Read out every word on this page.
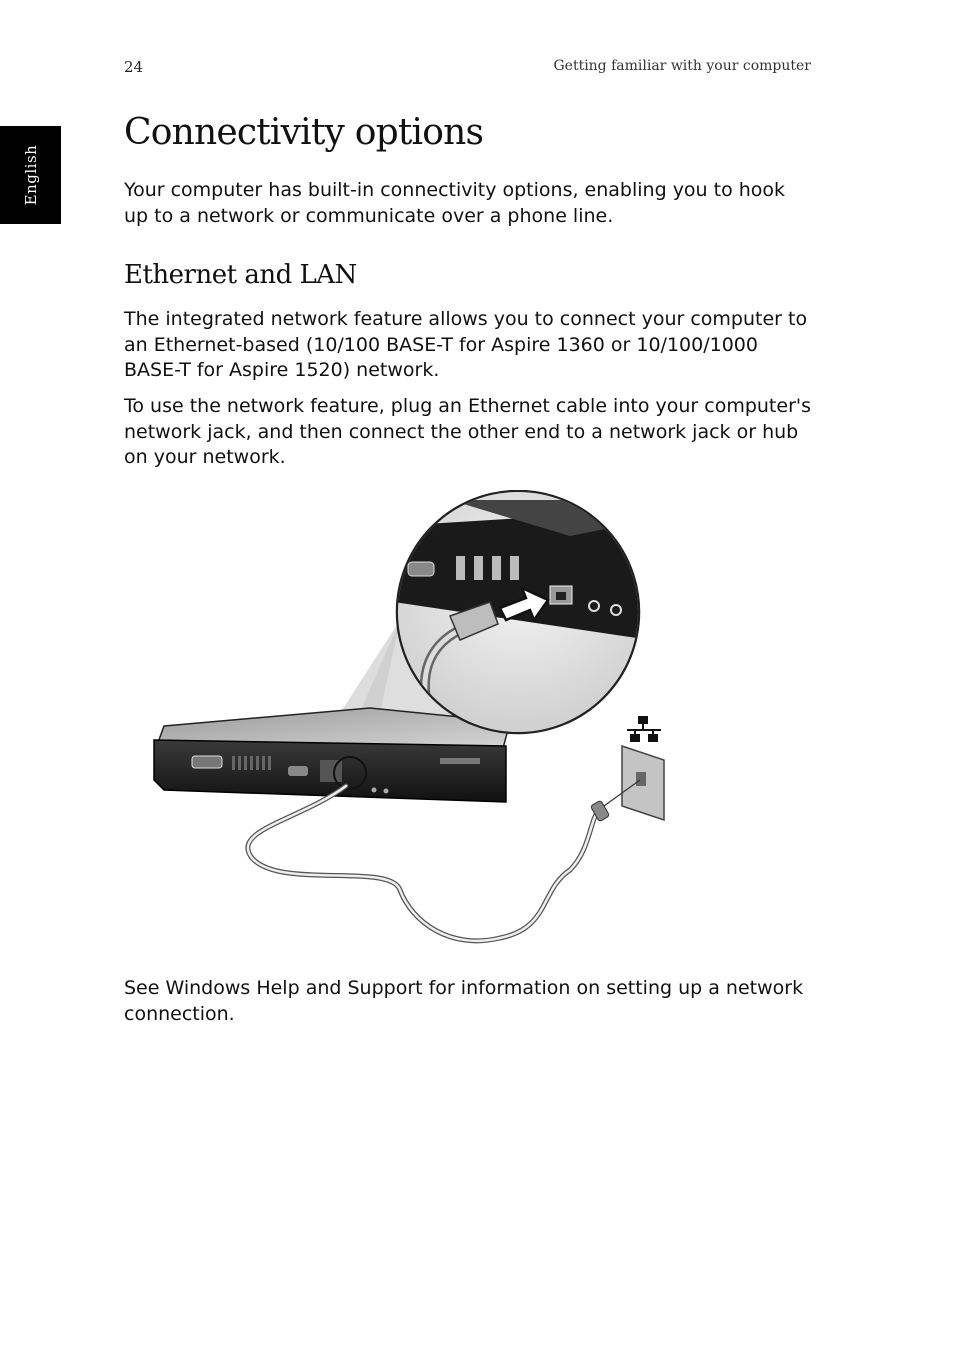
24	Getting familiar with your computer
English
Connectivity options

Your computer has built-in connectivity options, enabling you to hook up to a network or communicate over a phone line.

Ethernet and LAN

The integrated network feature allows you to connect your computer to an Ethernet-based (10/100 BASE-T for Aspire 1360 or 10/100/1000 BASE-T for Aspire 1520) network.

To use the network feature, plug an Ethernet cable into your computer's network jack, and then connect the other end to a network jack or hub on your network.

See Windows Help and Support for information on setting up a network connection.
